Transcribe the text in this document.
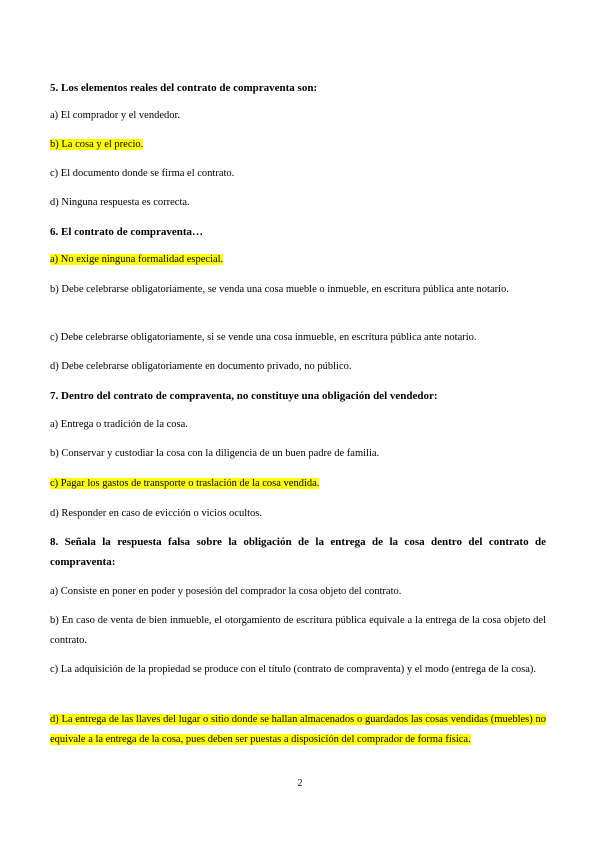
5. Los elementos reales del contrato de compraventa son:

a) El comprador y el vendedor.

b) La cosa y el precio.

c) El documento donde se firma el contrato.

d) Ninguna respuesta es correcta.

6. El contrato de compraventa…

a) No exige ninguna formalidad especial.

b) Debe celebrarse obligatoriamente, se venda una cosa mueble o inmueble, en escritura pública ante notario.

c) Debe celebrarse obligatoriamente, si se vende una cosa inmueble, en escritura pública ante notario.

d) Debe celebrarse obligatoriamente en documento privado, no público.

7. Dentro del contrato de compraventa, no constituye una obligación del vendedor:

a) Entrega o tradición de la cosa.

b) Conservar y custodiar la cosa con la diligencia de un buen padre de familia.

c) Pagar los gastos de transporte o traslación de la cosa vendida.

d) Responder en caso de evicción o vicios ocultos.

8. Señala la respuesta falsa sobre la obligación de la entrega de la cosa dentro del contrato de compraventa:

a) Consiste en poner en poder y posesión del comprador la cosa objeto del contrato.

b) En caso de venta de bien inmueble, el otorgamiento de escritura pública equivale a la entrega de la cosa objeto del contrato.

c) La adquisición de la propiedad se produce con el título (contrato de compraventa) y el modo (entrega de la cosa).

d) La entrega de las llaves del lugar o sitio donde se hallan almacenados o guardados las cosas vendidas (muebles) no equivale a la entrega de la cosa, pues deben ser puestas a disposición del comprador de forma física.

2
